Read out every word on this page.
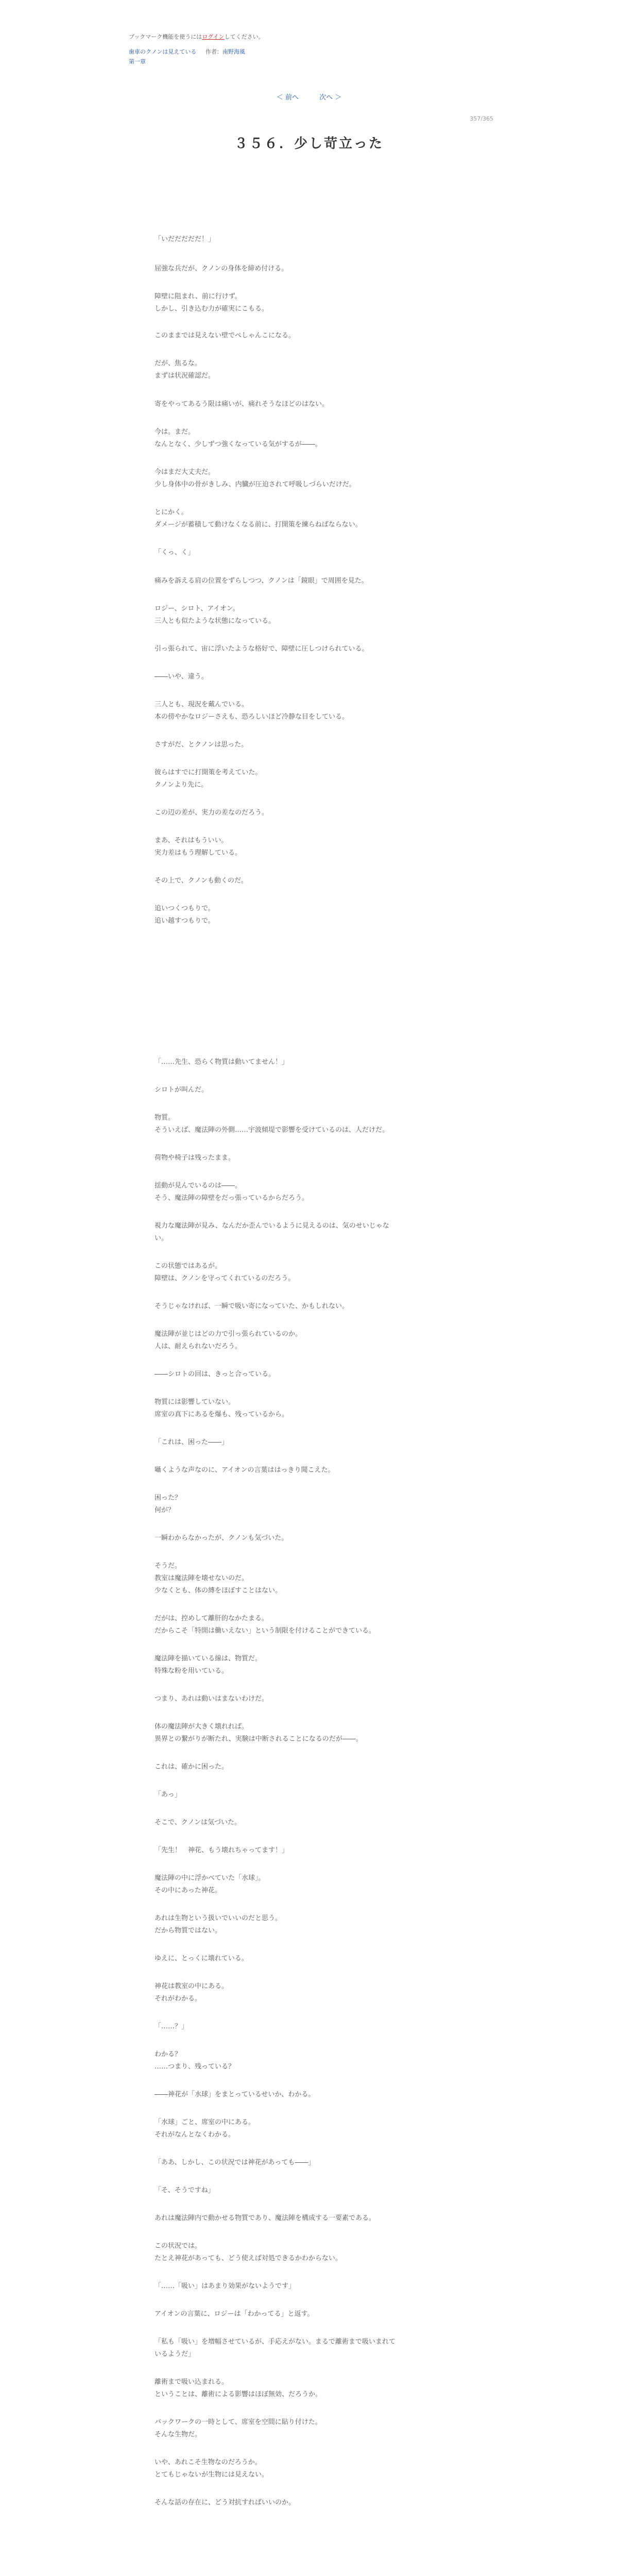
ブックマーク機能を使うにはログインしてください。
歯車のクノンは見えている 作者：南野海風
第一章
＜ 前へ	次へ ＞
357/365
３５６．少し苛立った
「いだだだだだ！」
屈強な兵だが、クノンの身体を締め付ける。
障壁に阻まれ、前に行けず。
しかし、引き込む力が確実にこもる。
このままでは見えない壁でぺしゃんこになる。
だが、焦るな。
まずは状況確認だ。
寄をやってあるう限は痛いが、痛れそうなほどのはない。
今は。まだ。
なんとなく、少しずつ強くなっている気がするが――。
今はまだ大丈夫だ。
少し身体中の骨がきしみ、内臓が圧迫されて呼吸しづらいだけだ。
とにかく。
ダメージが蓄積して動けなくなる前に、打開策を練らねばならない。
「くっ、く」
痛みを訴える肩の位置をずらしつつ、クノンは「鏡眼」で周囲を見た。
ロジー、シロト、アイオン。
三人とも似たような状態になっている。
引っ張られて、宙に浮いたような格好で、障壁に圧しつけられている。
――いや、違う。
三人とも、現況を戴んでいる。
本の傍やかなロジーさえも、恐ろしいほど冷静な目をしている。
さすがだ、とクノンは思った。
彼らはすでに打開策を考えていた。
クノンより先に。
この辺の差が、実力の差なのだろう。
まあ、それはもういい。
実力差はもう理解している。
その上で、クノンも動くのだ。
追いつくつもりで。
追い越すつもりで。
「……先生、恐らく物質は動いてません！」
シロトが叫んだ。
物質。
そういえば、魔法陣の外側……宇波傾堤で影響を受けているのは、人だけだ。
荷物や椅子は残ったまま。
揺動が見んでいるのは――。
そう、魔法陣の障壁をだっ張っているからだろう。
視力な魔法陣が見み、なんだか歪んでいるように見えるのは、気のせいじゃな
い。
この状態ではあるが。
障壁は、クノンを守ってくれているのだろう。
そうじゃなければ、一瞬で吸い寄になっていた、かもしれない。
魔法陣が並じはどの力で引っ張られているのか。
人は、耐えられないだろう。
――シロトの回は、きっと合っている。
物質には影響していない。
席室の真下にあるを爆も、残っているから。
「これは、困った――」
囁くような声なのに、アイオンの言葉ははっきり聞こえた。
困った？
何が？
一瞬わからなかったが、クノンも気づいた。
そうだ。
教室は魔法陣を壊せないのだ。
少なくとも、体の縛をほぼすことはない。
だがは、控めして離肝的なかたまる。
だからこそ「特開は働いえない」という制限を付けることができている。
魔法陣を描いている線は、物質だ。
特殊な粉を用いている。
つまり、あれは動いはまないわけだ。
体の魔法陣が大きく壊れれば。
異界との繋がりが断たれ、実験は中断されることになるのだが――。
これは、確かに困った。
「あっ」
そこで、クノンは気づいた。
「先生！　神花、もう壊れちゃってます！」
魔法陣の中に浮かべていた「水球」。
その中にあった神花。
あれは生物という扱いでいいのだと思う。
だから物質ではない。
ゆえに、とっくに壊れている。
神花は教室の中にある。
それがわかる。
「……？」
わかる？
……つまり、残っている？
――神花が「水球」をまとっているせいか、わかる。
「水球」ごと、席室の中にある。
それがなんとなくわかる。
「ああ、しかし、この状況では神花があっても――」
「そ、そうですね」
あれは魔法陣内で動かせる物質であり、魔法陣を構成する一要素である。
この状況では。
たとえ神花があっても、どう使えば対処できるかわからない。
「……「吸い」はあまり効果がないようです」
アイオンの言葉に、ロジーは「わかってる」と返す。
「私も「吸い」を増幅させているが、手応えがない。まるで離術まで吸いまれて
いるようだ」
離術まで吸い込まれる。
ということは、離術による影響はほぼ無効、だろうか。
バックワークの一時として、席室を空間に貼り付けた。
そんな生物だ。
いや、あれこそ生物なのだろうか。
とてもじゃないが生物には見えない。
そんな話の存在に、どう対抗すればいいのか。
